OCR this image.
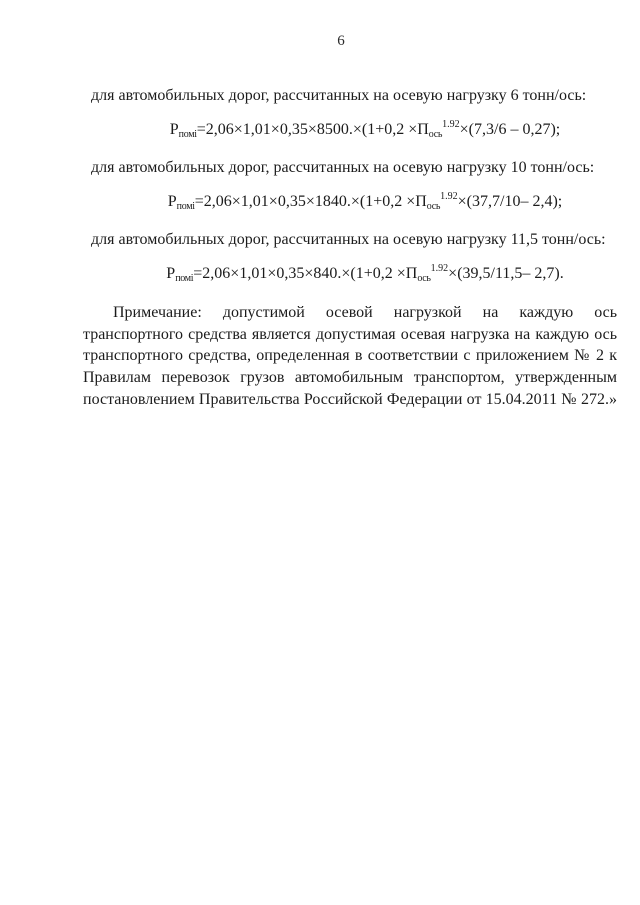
6

для автомобильных дорог, рассчитанных на осевую нагрузку 6 тонн/ось:

$Р_{помi}=2,06\times 1,01\times 0,35\times 8500.\times(1+0,2 \times П_{ось}^{1.92}\times(7,3/6 - 0,27)$;

для автомобильных дорог, рассчитанных на осевую нагрузку 10 тонн/ось:

$Р_{помi}=2,06\times 1,01\times 0,35\times 1840.\times(1+0,2 \times П_{ось}^{1.92}\times(37,7/10-$ 2,4);

для автомобильных дорог, рассчитанных на осевую нагрузку 11,5 тонн/ось:

$Р_{помi}=2,06\times 1,01\times 0,35\times 840.\times(1+0,2 \times П_{ось}^{1.92}\times(39,5/11,5-$ 2,7).
Примечание: допустимой осевой нагрузкой на каждую ось
транспортного средства является допустимая осевая нагрузка на каждую ось
транспортного средства, определенная в соответствии с приложением № 2 к
Правилам перевозок грузов автомобильным транспортом, утвержденным
постановлением Правительства Российской Федерации от 15.04.2011 № 272.»
